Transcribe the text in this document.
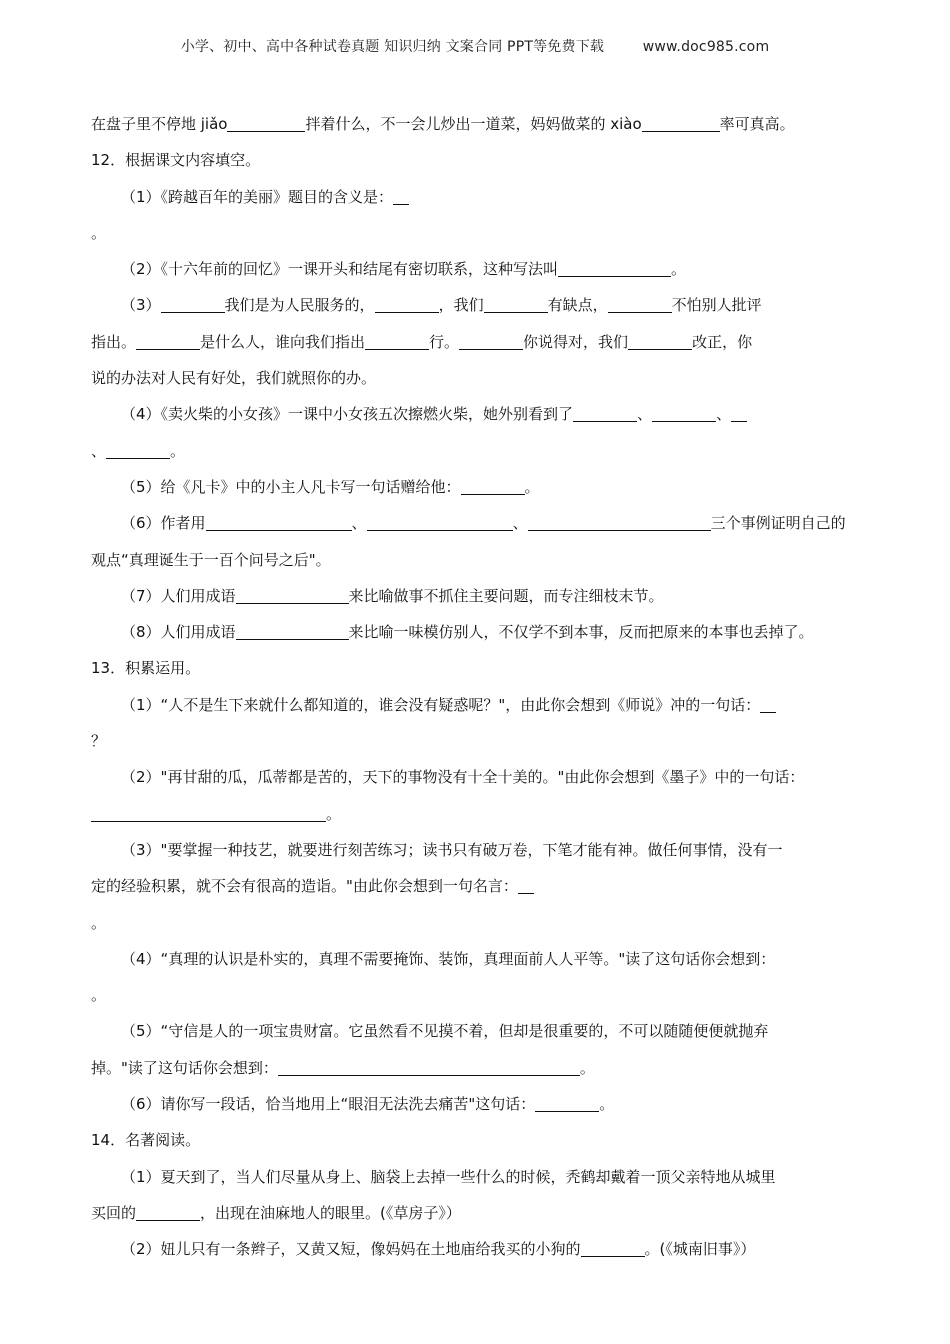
小学、初中、高中各种试卷真题 知识归纳 文案合同 PPT等免费下载	www.doc985.com
在盘子里不停地 jiǎo	拌着什么，不一会儿炒出一道菜，妈妈做菜的 xiào	率可真高。
12．根据课文内容填空。
（1）《跨越百年的美丽》题目的含义是：
。
（2）《十六年前的回忆》一课开头和结尾有密切联系，这种写法叫	。
（3）	我们是为人民服务的，	，我们	有缺点，	不怕别人批评
指出。	是什么人，谁向我们指出	行。	你说得对，我们	改正，你
说的办法对人民有好处，我们就照你的办。
（4）《卖火柴的小女孩》一课中小女孩五次擦燃火柴，她外别看到了	、	、
、	。
（5）给《凡卡》中的小主人凡卡写一句话赠给他：	。
（6）作者用	、	、	三个事例证明自己的
观点“真理诞生于一百个问号之后"。
（7）人们用成语	来比喻做事不抓住主要问题，而专注细枝末节。
（8）人们用成语	来比喻一味模仿别人，不仅学不到本事，反而把原来的本事也丢掉了。
13．积累运用。
（1）“人不是生下来就什么都知道的，谁会没有疑惑呢？"，由此你会想到《师说》冲的一句话：
？
（2）"再甘甜的瓜，瓜蒂都是苦的，天下的事物没有十全十美的。"由此你会想到《墨子》中的一句话：
。
（3）"要掌握一种技艺，就要进行刻苦练习；读书只有破万卷，下笔才能有神。做任何事情，没有一
定的经验积累，就不会有很高的造诣。"由此你会想到一句名言：
。
（4）“真理的认识是朴实的，真理不需要掩饰、装饰，真理面前人人平等。"读了这句话你会想到：
。
（5）“守信是人的一项宝贵财富。它虽然看不见摸不着，但却是很重要的，不可以随随便便就抛弃
掉。"读了这句话你会想到：	。
（6）请你写一段话，恰当地用上“眼泪无法洗去痛苦"这句话：	。
14．名著阅读。
（1）夏天到了，当人们尽量从身上、脑袋上去掉一些什么的时候，秃鹤却戴着一顶父亲特地从城里
买回的	，出现在油麻地人的眼里。(《草房子》）
（2）妞儿只有一条辫子，又黄又短，像妈妈在土地庙给我买的小狗的	。(《城南旧事》）
